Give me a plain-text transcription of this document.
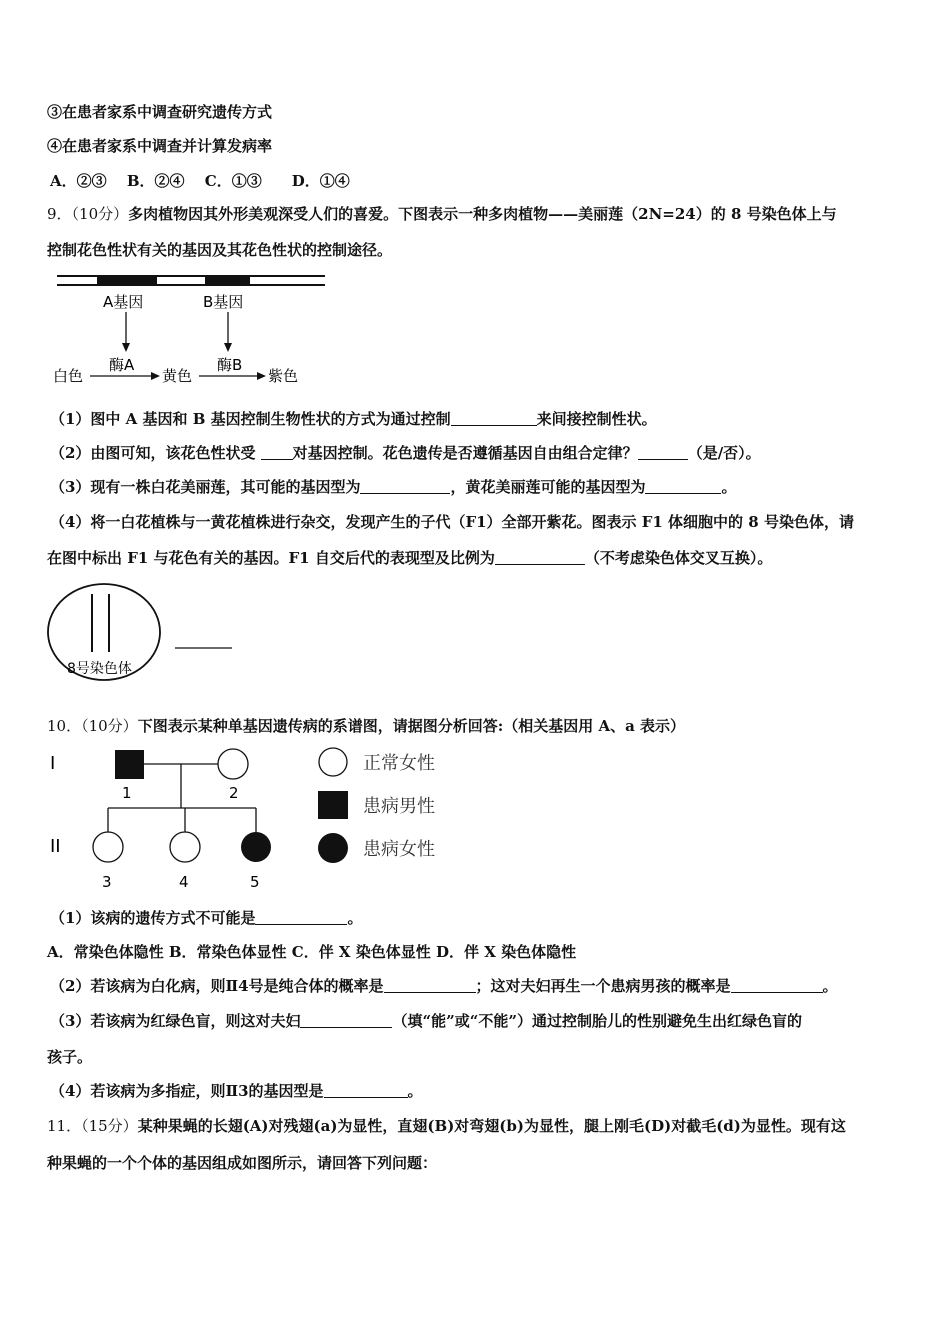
③在患者家系中调查研究遗传方式
④在患者家系中调查并计算发病率
A．②③　 B．②④　 C．①③　　D．①④
9．（10分）多肉植物因其外形美观深受人们的喜爱。下图表示一种多肉植物——美丽莲（2N=24）的 8 号染色体上与
控制花色性状有关的基因及其花色性状的控制途径。
A基因	B基因
白色
酶A
黄色
酶B
紫色
（1）图中 A 基因和 B 基因控制生物性状的方式为通过控制	来间接控制性状。
（2）由图可知，该花色性状受 对基因控制。花色遗传是否遵循基因自由组合定律？	（是/否）。
（3）现有一株白花美丽莲，其可能的基因型为	，黄花美丽莲可能的基因型为	。
（4）将一白花植株与一黄花植株进行杂交，发现产生的子代（F1）全部开紫花。图表示 F1 体细胞中的 8 号染色体，请
在图中标出 F1 与花色有关的基因。F1 自交后代的表现型及比例为	（不考虑染色体交叉互换）。
8号染色体
10．（10分）下图表示某种单基因遗传病的系谱图，请据图分析回答:（相关基因用 A、a 表示）
I
II
1	2
3	4	5
正常女性
患病男性
患病女性
（1）该病的遗传方式不可能是	。
A．常染色体隐性 B．常染色体显性 C．伴 X 染色体显性 D．伴 X 染色体隐性
（2）若该病为白化病，则Ⅱ4号是纯合体的概率是	；这对夫妇再生一个患病男孩的概率是	。
（3）若该病为红绿色盲，则这对夫妇	（填“能”或“不能”）通过控制胎儿的性别避免生出红绿色盲的
孩子。
（4）若该病为多指症，则Ⅱ3的基因型是	。
11．（15分）某种果蝇的长翅(A)对残翅(a)为显性，直翅(B)对弯翅(b)为显性，腿上刚毛(D)对截毛(d)为显性。现有这
种果蝇的一个个体的基因组成如图所示，请回答下列问题：
